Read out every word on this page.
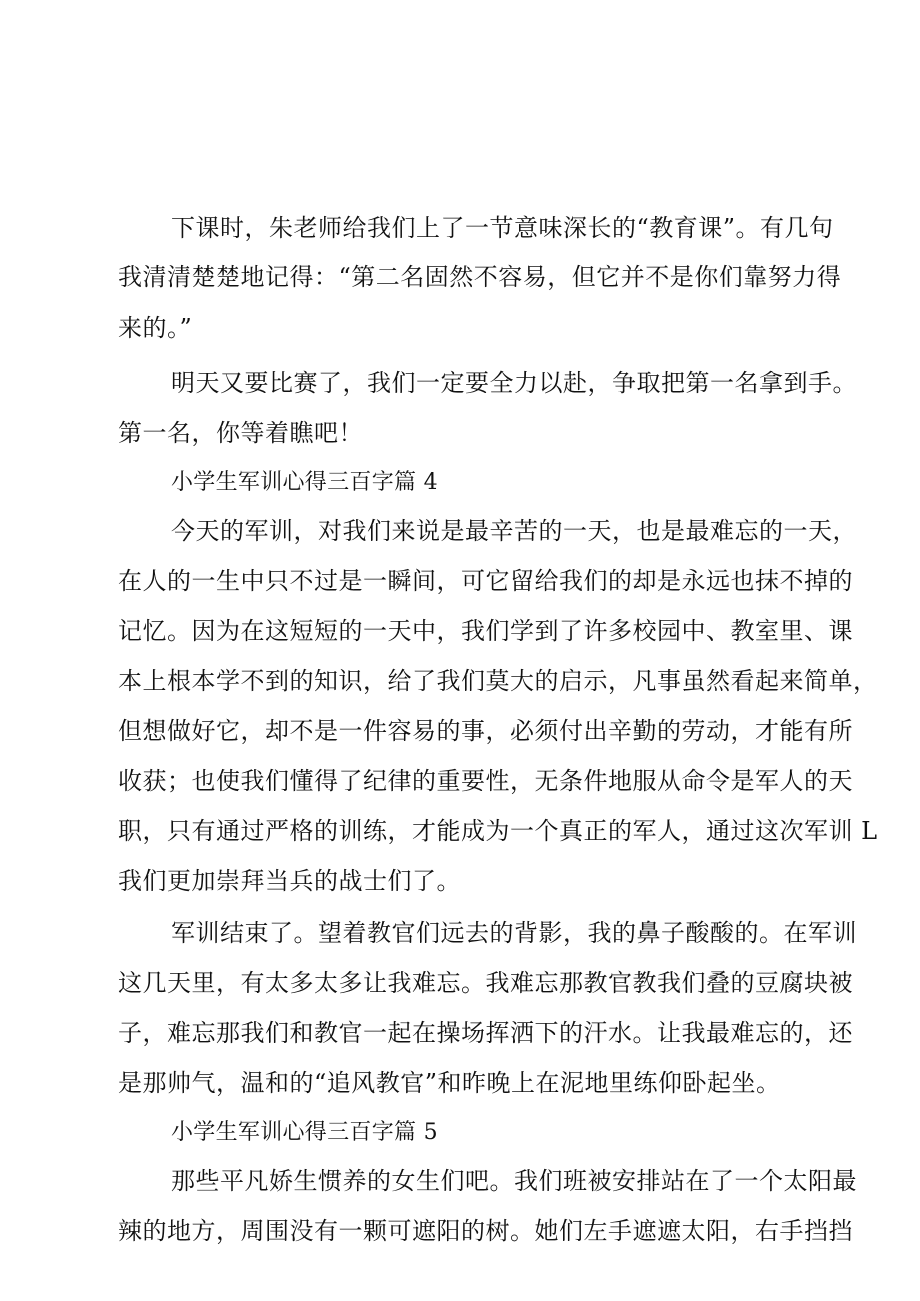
下课时，朱老师给我们上了一节意味深长的“教育课”。有几句
我清清楚楚地记得：“第二名固然不容易，但它并不是你们靠努力得
来的。”
明天又要比赛了，我们一定要全力以赴，争取把第一名拿到手。
第一名，你等着瞧吧！
小学生军训心得三百字篇 4
今天的军训，对我们来说是最辛苦的一天，也是最难忘的一天，
在人的一生中只不过是一瞬间，可它留给我们的却是永远也抹不掉的
记忆。因为在这短短的一天中，我们学到了许多校园中、教室里、课
本上根本学不到的知识，给了我们莫大的启示，凡事虽然看起来简单，
但想做好它，却不是一件容易的事，必须付出辛勤的劳动，才能有所
收获；也使我们懂得了纪律的重要性，无条件地服从命令是军人的天
职，只有通过严格的训练，才能成为一个真正的军人，通过这次军训 L
我们更加崇拜当兵的战士们了。
军训结束了。望着教官们远去的背影，我的鼻子酸酸的。在军训
这几天里，有太多太多让我难忘。我难忘那教官教我们叠的豆腐块被
子，难忘那我们和教官一起在操场挥洒下的汗水。让我最难忘的，还
是那帅气，温和的“追风教官”和昨晚上在泥地里练仰卧起坐。
小学生军训心得三百字篇 5
那些平凡娇生惯养的女生们吧。我们班被安排站在了一个太阳最
辣的地方，周围没有一颗可遮阳的树。她们左手遮遮太阳，右手挡挡
